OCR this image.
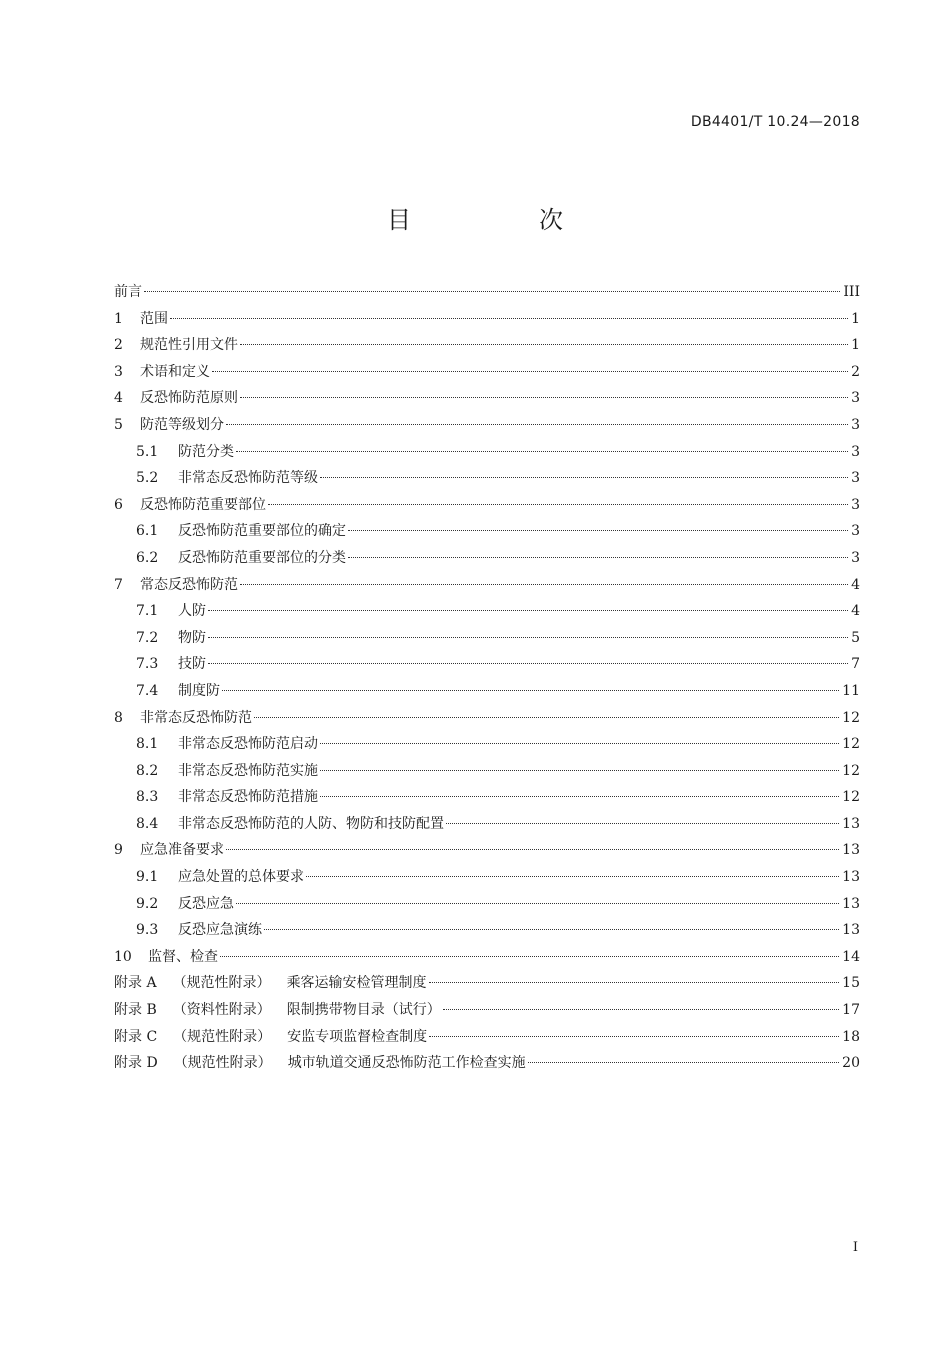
DB4401/T 10.24—2018
目　次
前言	III
1	范围	1
2	规范性引用文件	1
3	术语和定义	2
4	反恐怖防范原则	3
5	防范等级划分	3
5.1	防范分类	3
5.2	非常态反恐怖防范等级	3
6	反恐怖防范重要部位	3
6.1	反恐怖防范重要部位的确定	3
6.2	反恐怖防范重要部位的分类	3
7	常态反恐怖防范	4
7.1	人防	4
7.2	物防	5
7.3	技防	7
7.4	制度防	11
8	非常态反恐怖防范	12
8.1	非常态反恐怖防范启动	12
8.2	非常态反恐怖防范实施	12
8.3	非常态反恐怖防范措施	12
8.4	非常态反恐怖防范的人防、物防和技防配置	13
9	应急准备要求	13
9.1	应急处置的总体要求	13
9.2	反恐应急	13
9.3	反恐应急演练	13
10	监督、检查	14
附录 A （规范性附录） 乘客运输安检管理制度	15
附录 B （资料性附录） 限制携带物目录（试行）	17
附录 C （规范性附录） 安监专项监督检查制度	18
附录 D （规范性附录） 城市轨道交通反恐怖防范工作检查实施	20
I
